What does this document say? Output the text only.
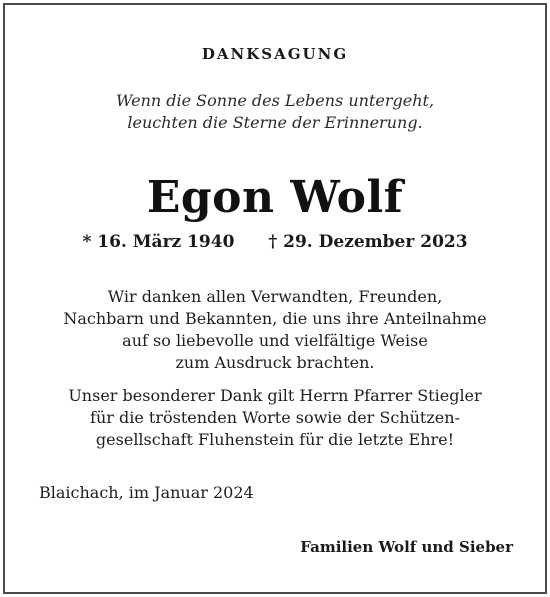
DANKSAGUNG
Wenn die Sonne des Lebens untergeht,
leuchten die Sterne der Erinnerung.
Egon Wolf
* 16. März 1940 † 29. Dezember 2023
Wir danken allen Verwandten, Freunden,
Nachbarn und Bekannten, die uns ihre Anteilnahme
auf so liebevolle und vielfältige Weise
zum Ausdruck brachten.
Unser besonderer Dank gilt Herrn Pfarrer Stiegler
für die tröstenden Worte sowie der Schützen-
gesellschaft Fluhenstein für die letzte Ehre!
Blaichach, im Januar 2024
Familien Wolf und Sieber
